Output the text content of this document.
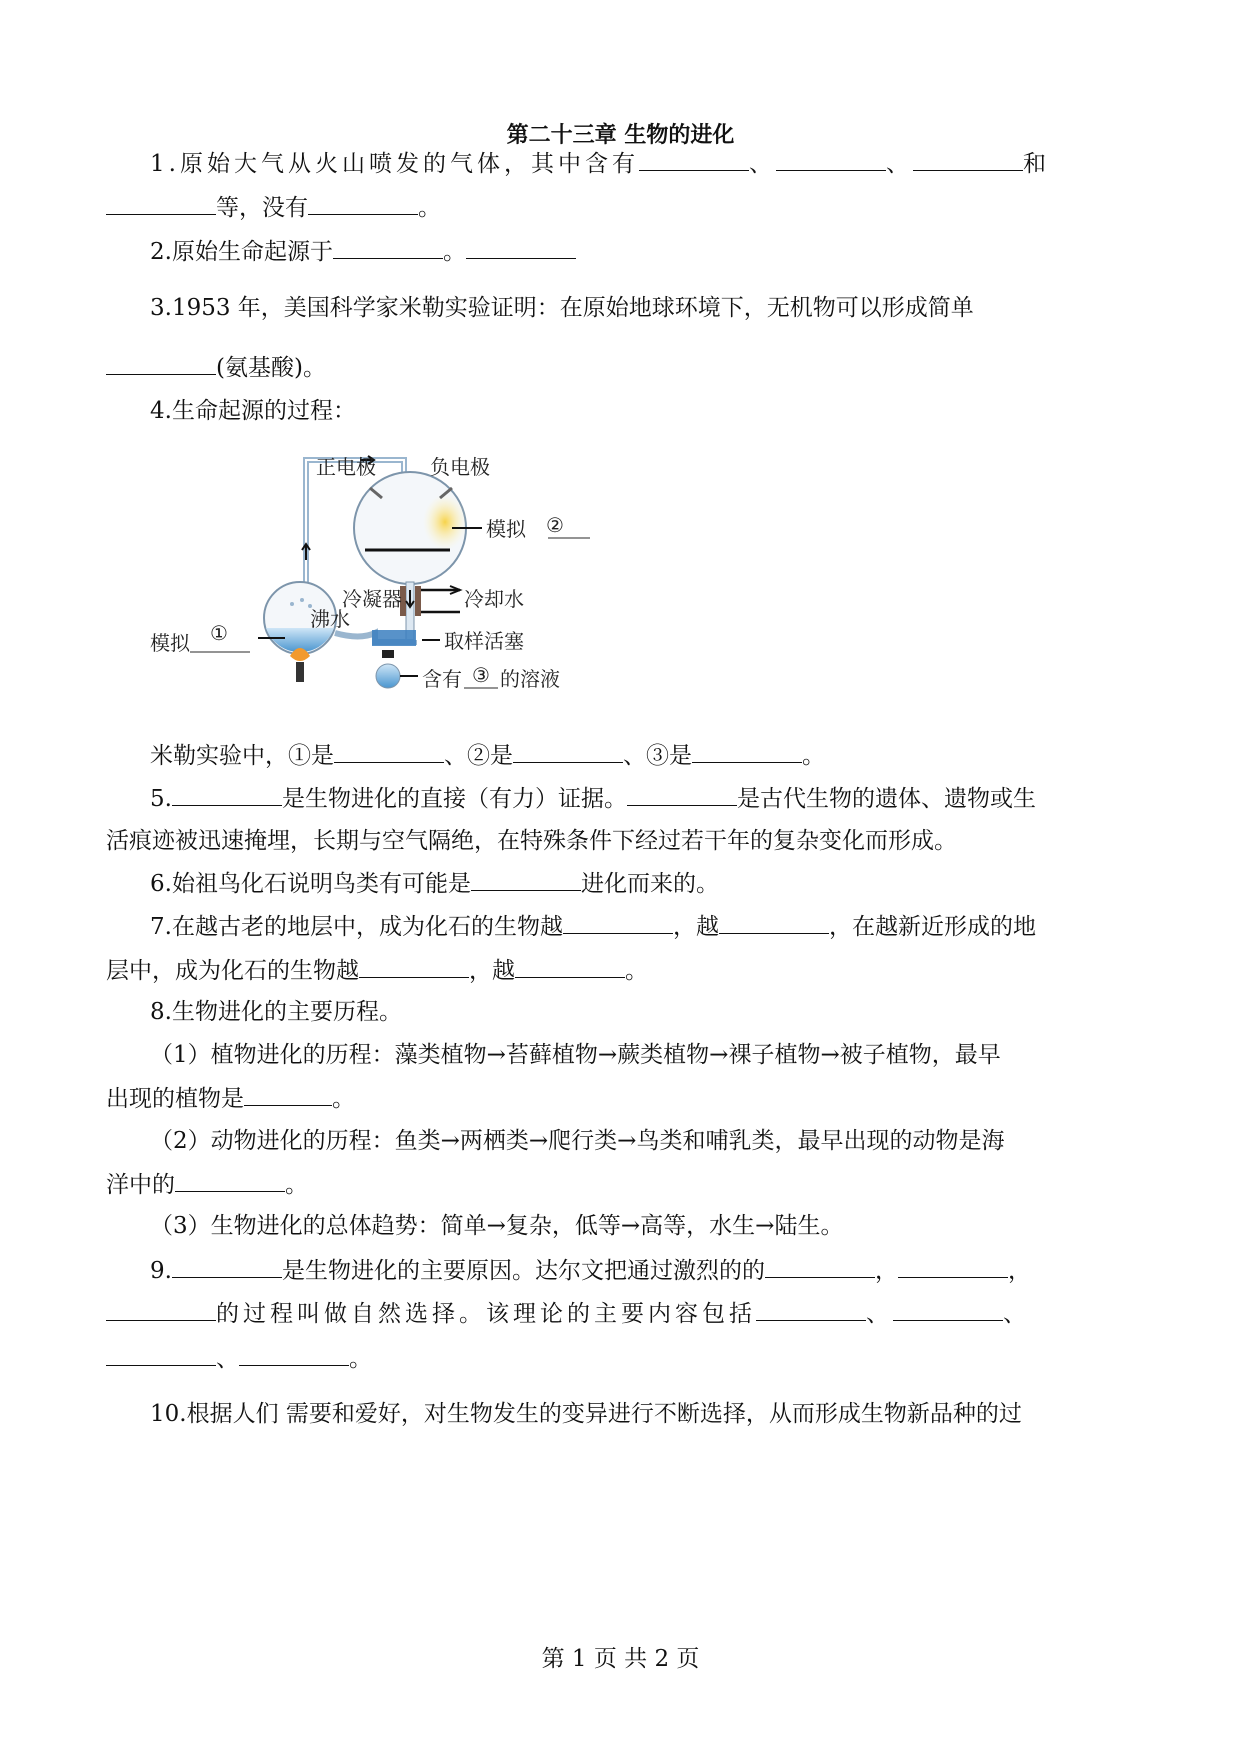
第二十三章 生物的进化
1.原始大气从火山喷发的气体，其中含有	、	、	和
等，没有	。
2.原始生命起源于	。
3.1953 年，美国科学家米勒实验证明：在原始地球环境下，无机物可以形成简单
(氨基酸)。
4.生命起源的过程：
正电极	负电极
模拟 ②
冷凝器	冷却水
沸水
模拟 ①	取样活塞
含有 ③ 的溶液
米勒实验中，①是	、②是	、③是	。
5.	是生物进化的直接（有力）证据。	是古代生物的遗体、遗物或生
活痕迹被迅速掩埋，长期与空气隔绝，在特殊条件下经过若干年的复杂变化而形成。
6.始祖鸟化石说明鸟类有可能是	进化而来的。
7.在越古老的地层中，成为化石的生物越	，越	，在越新近形成的地
层中，成为化石的生物越	，越	。
8.生物进化的主要历程。
（1）植物进化的历程：藻类植物→苔藓植物→蕨类植物→裸子植物→被子植物，最早
出现的植物是	。
（2）动物进化的历程：鱼类→两栖类→爬行类→鸟类和哺乳类，最早出现的动物是海
洋中的	。
（3）生物进化的总体趋势：简单→复杂，低等→高等，水生→陆生。
9.	是生物进化的主要原因。达尔文把通过激烈的的	，	，
的过程叫做自然选择。该理论的主要内容包括	、	、
、	。
10.根据人们 需要和爱好，对生物发生的变异进行不断选择，从而形成生物新品种的过
第 1 页 共 2 页
